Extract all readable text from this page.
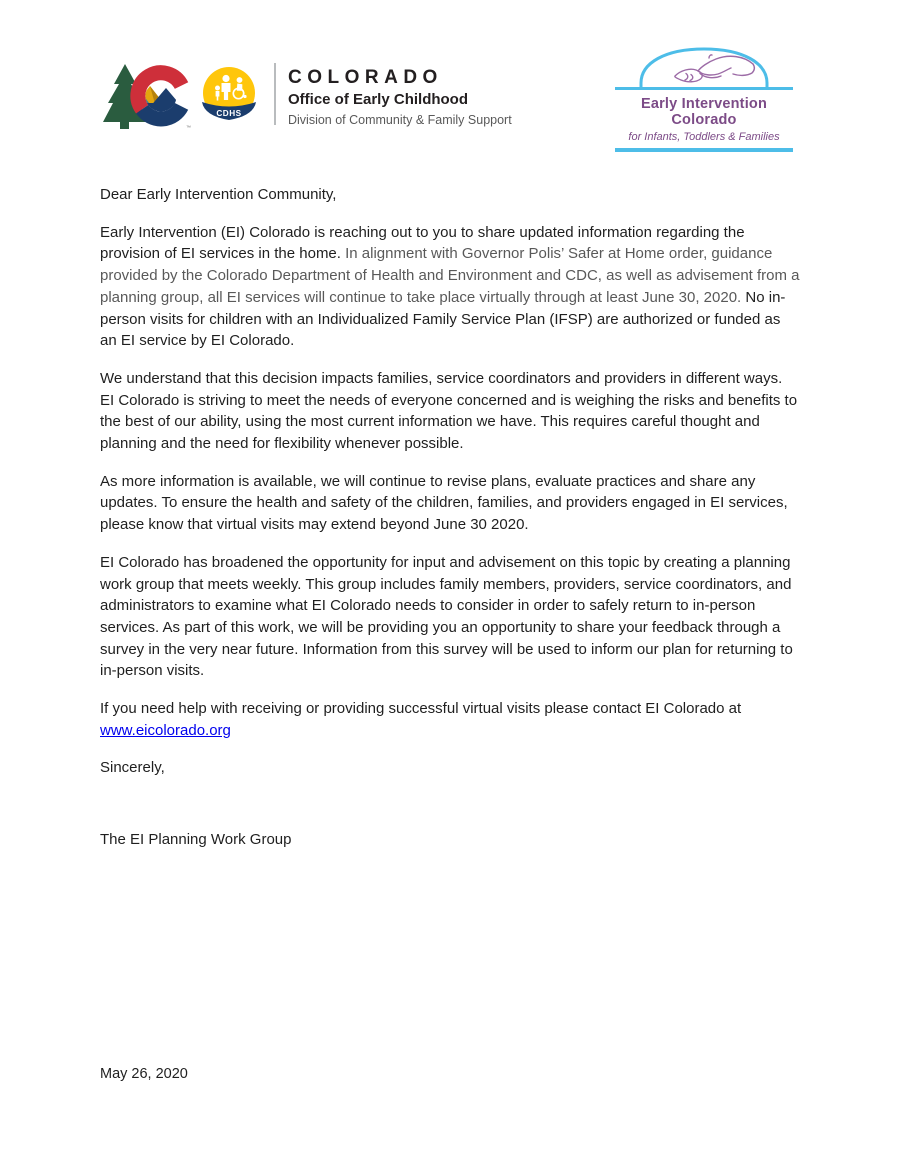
™
CDHS
COLORADO
Office of Early Childhood
Division of Community & Family Support
Early Intervention Colorado
for Infants, Toddlers & Families

Dear Early Intervention Community,

Early Intervention (EI) Colorado is reaching out to you to share updated information regarding the provision of EI services in the home. In alignment with Governor Polis’ Safer at Home order, guidance provided by the Colorado Department of Health and Environment and CDC, as well as advisement from a planning group, all EI services will continue to take place virtually through at least June 30, 2020. No in-person visits for children with an Individualized Family Service Plan (IFSP) are authorized or funded as an EI service by EI Colorado.

We understand that this decision impacts families, service coordinators and providers in different ways. EI Colorado is striving to meet the needs of everyone concerned and is weighing the risks and benefits to the best of our ability, using the most current information we have. This requires careful thought and planning and the need for flexibility whenever possible.

As more information is available, we will continue to revise plans, evaluate practices and share any updates. To ensure the health and safety of the children, families, and providers engaged in EI services, please know that virtual visits may extend beyond June 30 2020.

EI Colorado has broadened the opportunity for input and advisement on this topic by creating a planning work group that meets weekly. This group includes family members, providers, service coordinators, and administrators to examine what EI Colorado needs to consider in order to safely return to in-person services. As part of this work, we will be providing you an opportunity to share your feedback through a survey in the very near future. Information from this survey will be used to inform our plan for returning to in-person visits.

If you need help with receiving or providing successful virtual visits please contact EI Colorado at www.eicolorado.org

Sincerely,

The EI Planning Work Group

May 26, 2020
